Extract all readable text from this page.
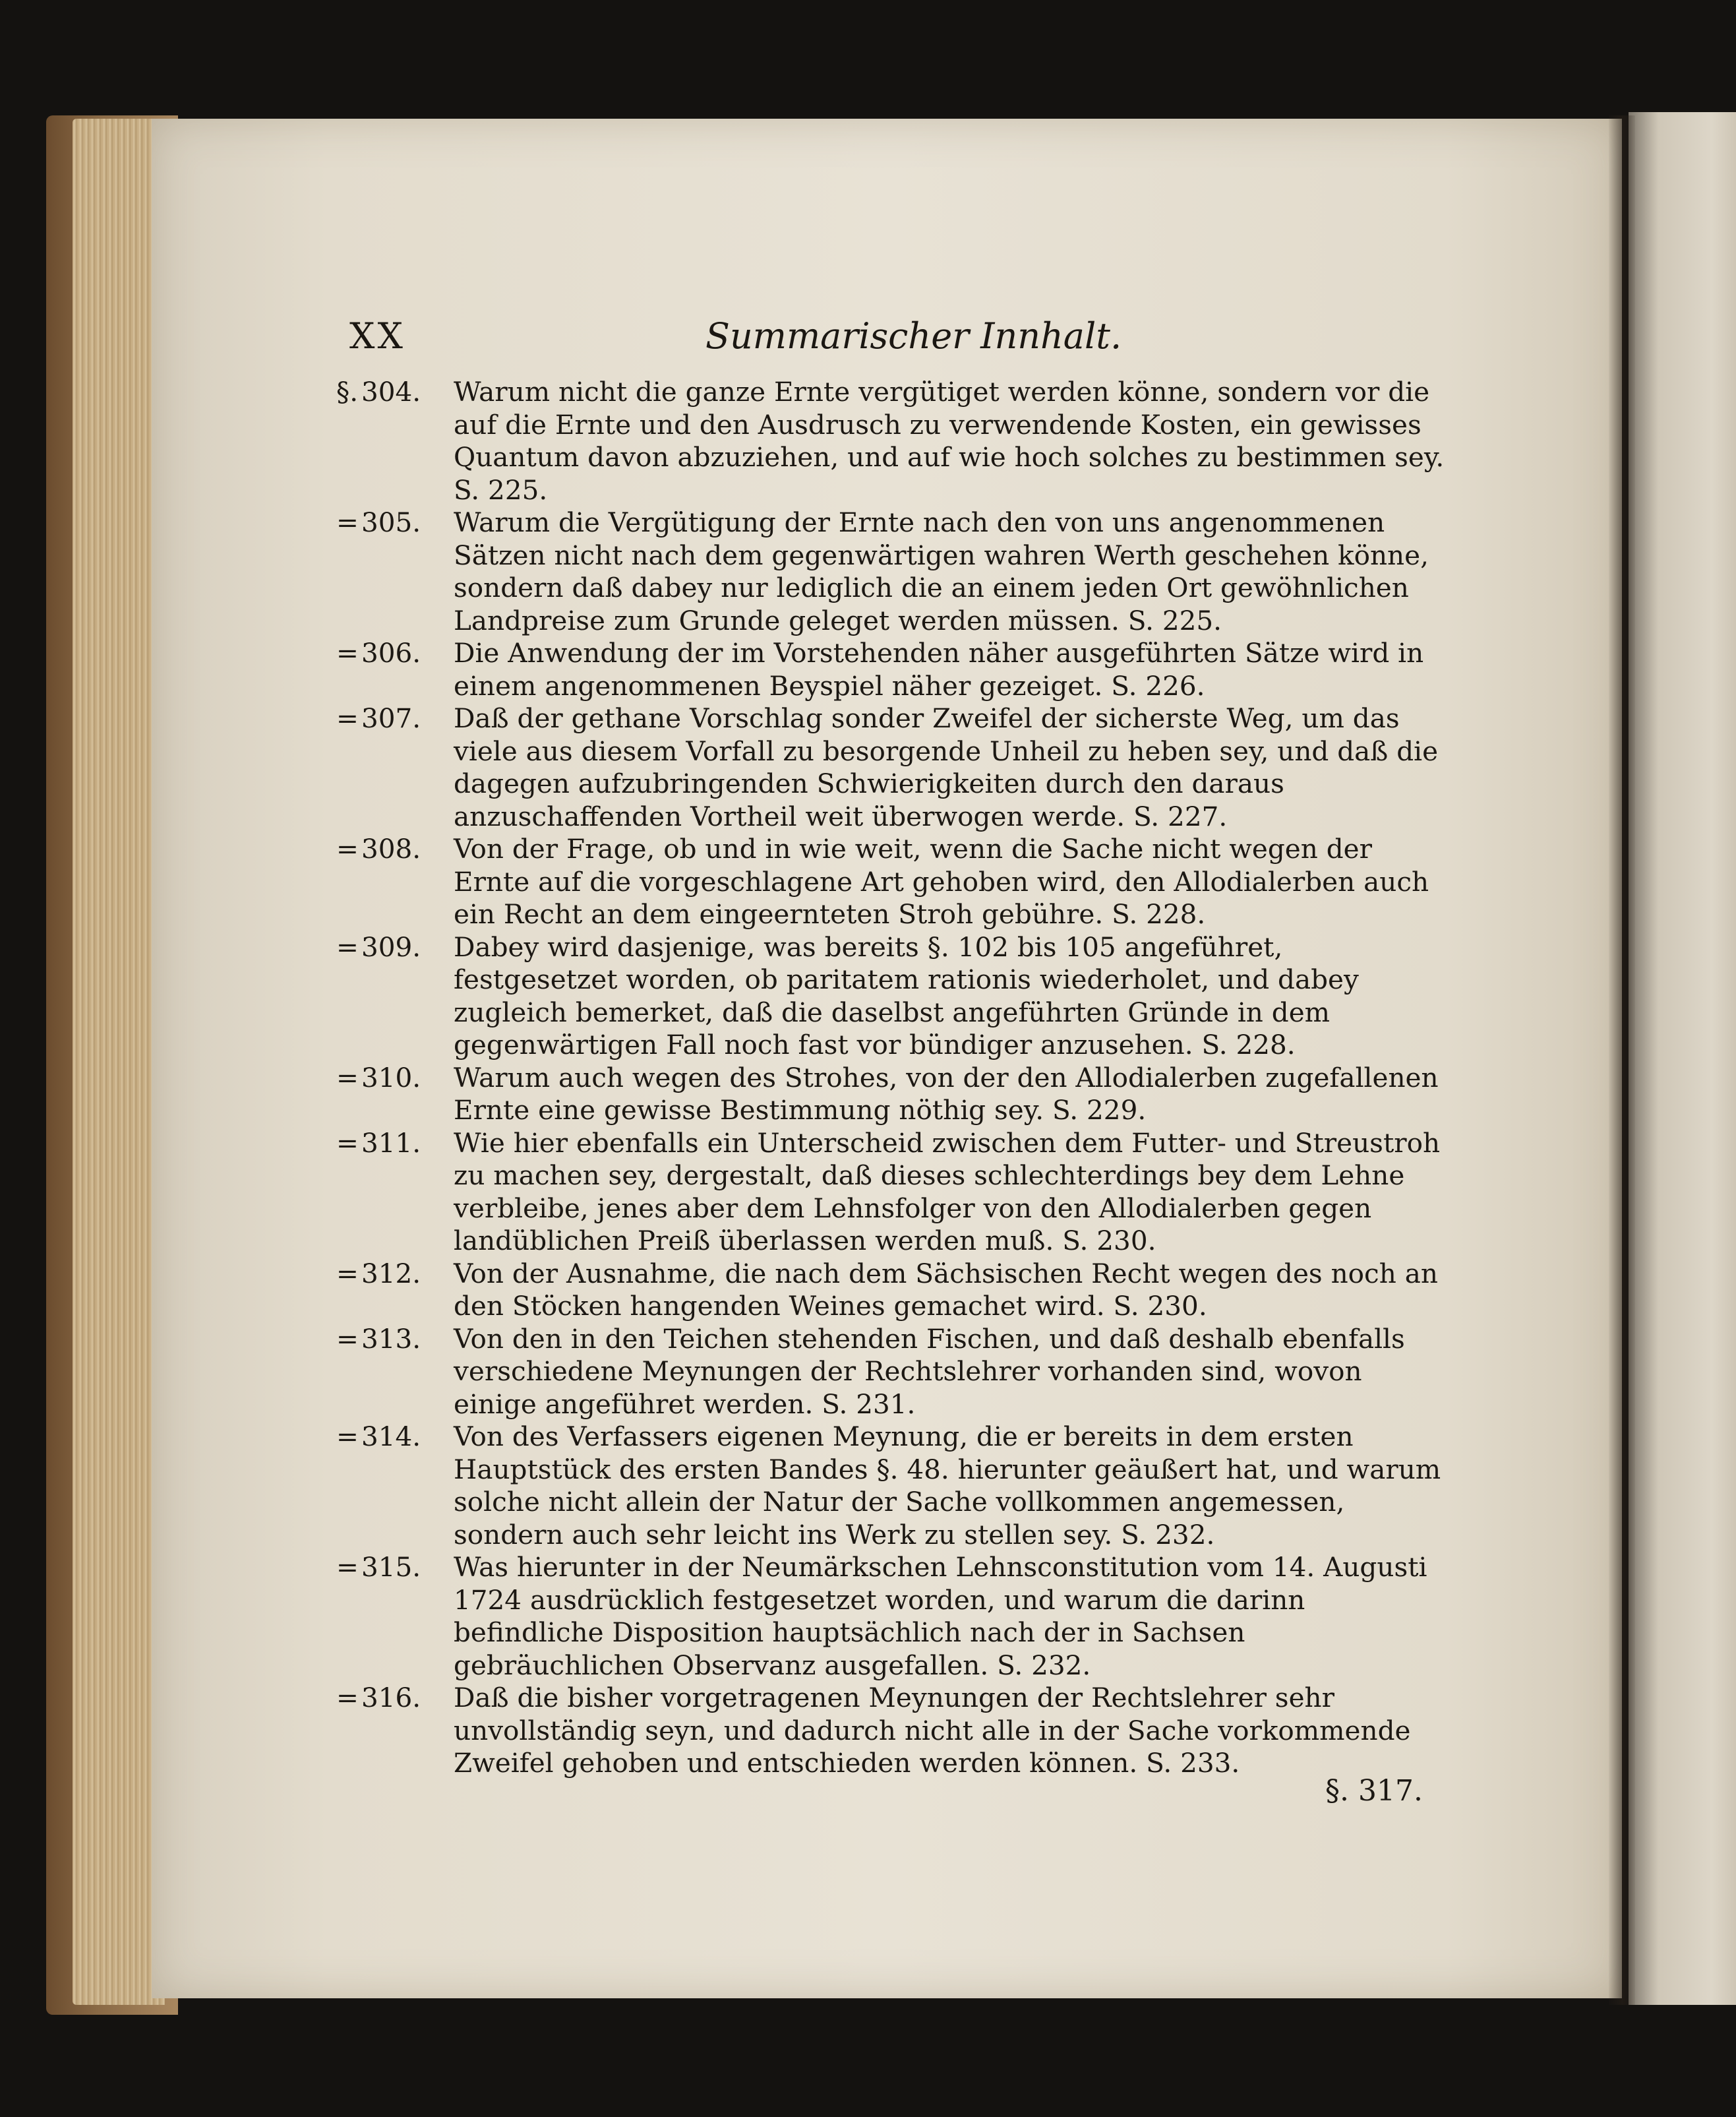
XX	Summarischer Innhalt.
§. 304. Warum nicht die ganze Ernte vergütiget werden könne, sondern vor die auf die Ernte und den Ausdrusch zu verwendende Kosten, ein gewisses Quantum davon abzuziehen, und auf wie hoch solches zu bestimmen sey. S. 225.
= 305. Warum die Vergütigung der Ernte nach den von uns angenommenen Sätzen nicht nach dem gegenwärtigen wahren Werth geschehen könne, sondern daß dabey nur lediglich die an einem jeden Ort gewöhnlichen Landpreise zum Grunde geleget werden müssen. S. 225.
= 306. Die Anwendung der im Vorstehenden näher ausgeführten Sätze wird in einem angenommenen Beyspiel näher gezeiget. S. 226.
= 307. Daß der gethane Vorschlag sonder Zweifel der sicherste Weg, um das viele aus diesem Vorfall zu besorgende Unheil zu heben sey, und daß die dagegen aufzubringenden Schwierigkeiten durch den daraus anzuschaffenden Vortheil weit überwogen werde. S. 227.
= 308. Von der Frage, ob und in wie weit, wenn die Sache nicht wegen der Ernte auf die vorgeschlagene Art gehoben wird, den Allodialerben auch ein Recht an dem eingeernteten Stroh gebühre. S. 228.
= 309. Dabey wird dasjenige, was bereits §. 102 bis 105 angeführet, festgesetzet worden, ob paritatem rationis wiederholet, und dabey zugleich bemerket, daß die daselbst angeführten Gründe in dem gegenwärtigen Fall noch fast vor bündiger anzusehen. S. 228.
= 310. Warum auch wegen des Strohes, von der den Allodialerben zugefallenen Ernte eine gewisse Bestimmung nöthig sey. S. 229.
= 311. Wie hier ebenfalls ein Unterscheid zwischen dem Futter- und Streustroh zu machen sey, dergestalt, daß dieses schlechterdings bey dem Lehne verbleibe, jenes aber dem Lehnsfolger von den Allodialerben gegen landüblichen Preiß überlassen werden muß. S. 230.
= 312. Von der Ausnahme, die nach dem Sächsischen Recht wegen des noch an den Stöcken hangenden Weines gemachet wird. S. 230.
= 313. Von den in den Teichen stehenden Fischen, und daß deshalb ebenfalls verschiedene Meynungen der Rechtslehrer vorhanden sind, wovon einige angeführet werden. S. 231.
= 314. Von des Verfassers eigenen Meynung, die er bereits in dem ersten Hauptstück des ersten Bandes §. 48. hierunter geäußert hat, und warum solche nicht allein der Natur der Sache vollkommen angemessen, sondern auch sehr leicht ins Werk zu stellen sey. S. 232.
= 315. Was hierunter in der Neumärkschen Lehnsconstitution vom 14. Augusti 1724 ausdrücklich festgesetzet worden, und warum die darinn befindliche Disposition hauptsächlich nach der in Sachsen gebräuchlichen Observanz ausgefallen. S. 232.
= 316. Daß die bisher vorgetragenen Meynungen der Rechtslehrer sehr unvollständig seyn, und dadurch nicht alle in der Sache vorkommende Zweifel gehoben und entschieden werden können. S. 233.
§. 317.
